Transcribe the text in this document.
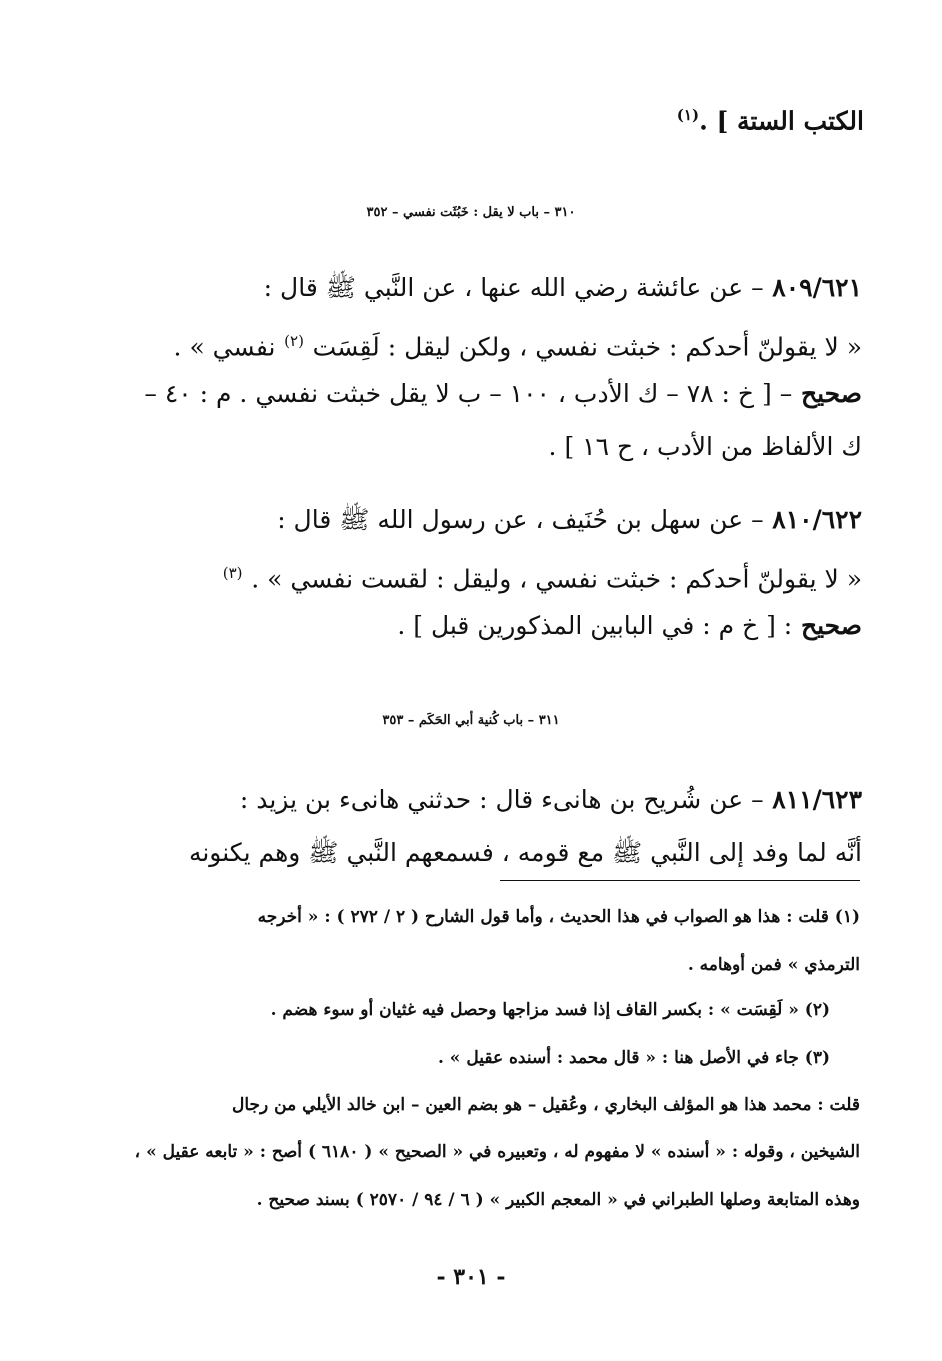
الكتب الستة ] .$^{(١)}$
٣١٠ – باب لا يقل : خَبُثَت نفسي – ٣٥٢
٨٠٩/٦٢١ – عن عائشة رضي الله عنها ، عن النَّبي ﷺ قال :
« لا يقولنّ أحدكم : خبثت نفسي ، ولكن ليقل : لَقِسَت $^{(٢)}$ نفسي » .
صحيح – [ خ : ٧٨ – ك الأدب ، ١٠٠ – ب لا يقل خبثت نفسي . م : ٤٠ –
ك الألفاظ من الأدب ، ح ١٦ ] .
٨١٠/٦٢٢ – عن سهل بن حُنَيف ، عن رسول الله ﷺ قال :
« لا يقولنّ أحدكم : خبثت نفسي ، وليقل : لقست نفسي » . $^{(٣)}$
صحيح : [ خ م : في البابين المذكورين قبل ] .
٣١١ – باب كُنية أبي الحَكَم – ٣٥٣
٨١١/٦٢٣ – عن شُريح بن هانىء قال : حدثني هانىء بن يزيد :
أنَّه لما وفد إلى النَّبي ﷺ مع قومه ، فسمعهم النَّبي ﷺ وهم يكنونه
(١) قلت : هذا هو الصواب في هذا الحديث ، وأما قول الشارح ( ٢ / ٢٧٢ ) : « أخرجه
الترمذي » فمن أوهامه .
(٢) « لَقِسَت » : بكسر القاف إذا فسد مزاجها وحصل فيه غثيان أو سوء هضم .
(٣) جاء في الأصل هنا : « قال محمد : أسنده عقيل » .
قلت : محمد هذا هو المؤلف البخاري ، وعُقيل – هو بضم العين – ابن خالد الأيلي من رجال
الشيخين ، وقوله : « أسنده » لا مفهوم له ، وتعبيره في « الصحيح » ( ٦١٨٠ ) أصح : « تابعه عقيل » ،
وهذه المتابعة وصلها الطبراني في « المعجم الكبير » ( ٦ / ٩٤ / ٢٥٧٠ ) بسند صحيح .
- ٣٠١ -
